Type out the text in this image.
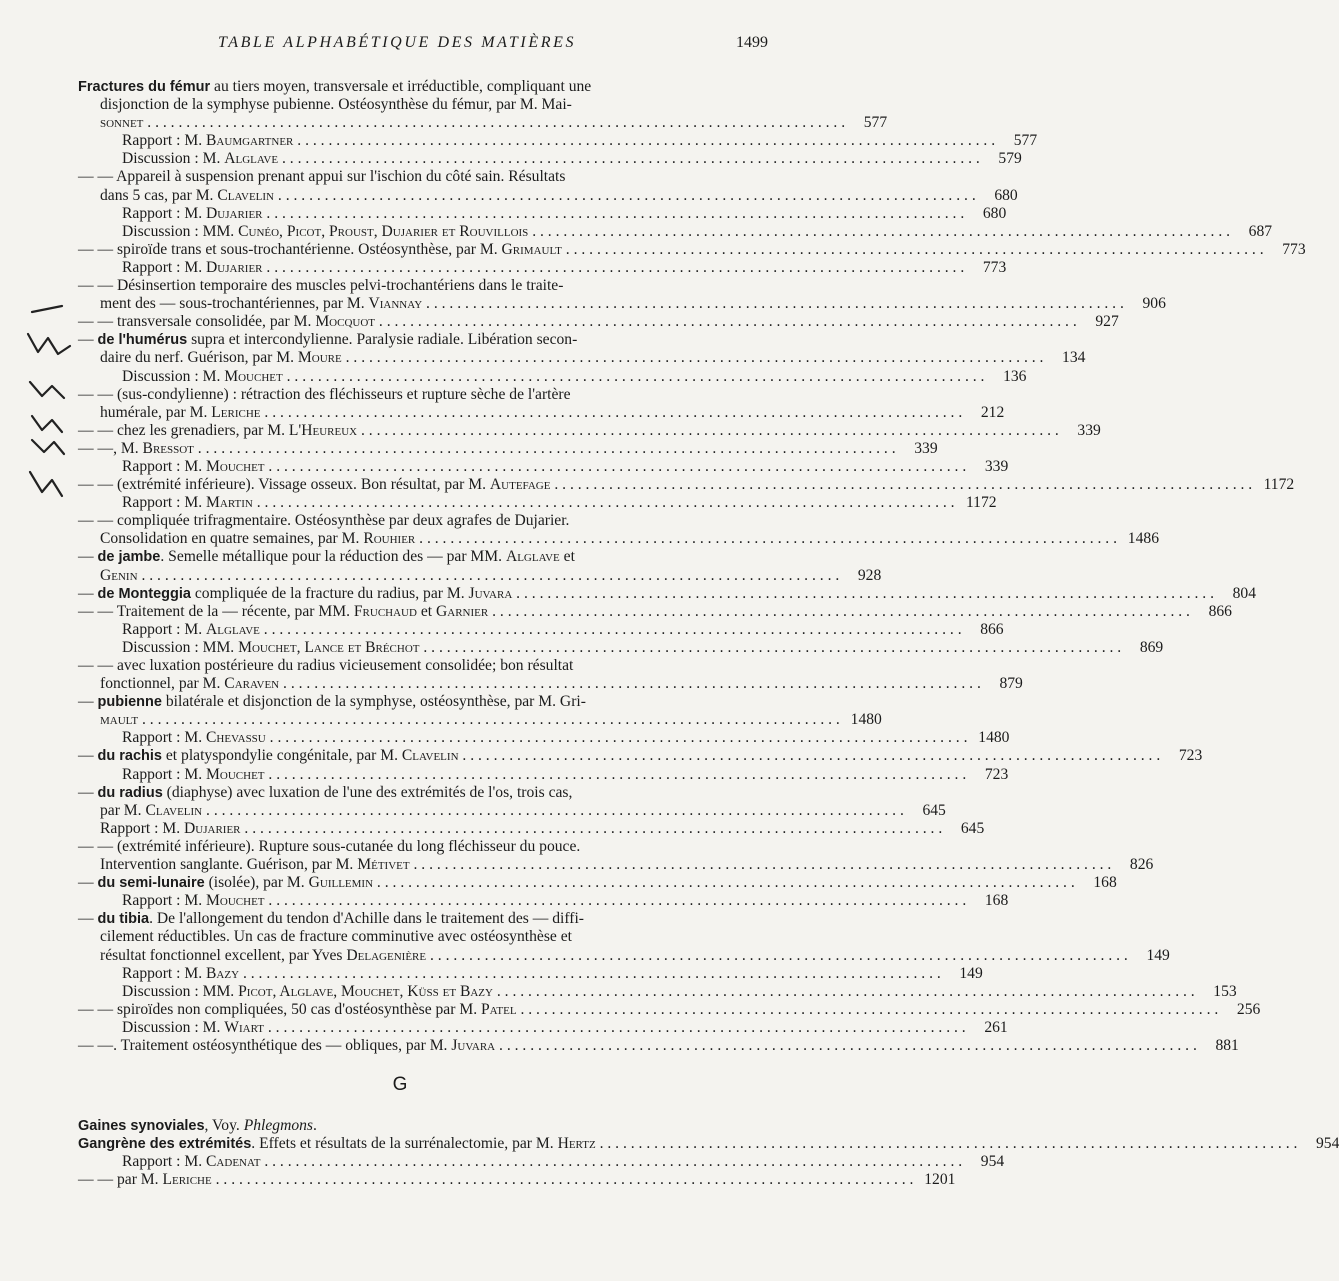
TABLE ALPHABÉTIQUE DES MATIÈRES	1499
Fractures du fémur au tiers moyen, transversale et irréductible, compliquant une
disjonction de la symphyse pubienne. Ostéosynthèse du fémur, par M. Mai-
sonnet . . . . . . . . . . . . . . . . . . . . . . . . . . . . . . . . . . . . . . . . . . . . . . . . . . . . . . . . . . . . . . . . . . . . . . . . . . . . . . . . . . . . . . . . . .	577
Rapport : M. Baumgartner . . . . . . . . . . . . . . . . . . . . . . . . . . . . . . . . . . . . . . . . . . . . . . . . . . . . . . . . . . . . . . . . . . . . . . . . . . . . . . . . . . . . . . . . . .	577
Discussion : M. Alglave . . . . . . . . . . . . . . . . . . . . . . . . . . . . . . . . . . . . . . . . . . . . . . . . . . . . . . . . . . . . . . . . . . . . . . . . . . . . . . . . . . . . . . . . . .	579
— — Appareil à suspension prenant appui sur l'ischion du côté sain. Résultats
dans 5 cas, par M. Clavelin . . . . . . . . . . . . . . . . . . . . . . . . . . . . . . . . . . . . . . . . . . . . . . . . . . . . . . . . . . . . . . . . . . . . . . . . . . . . . . . . . . . . . . . . . .	680
Rapport : M. Dujarier . . . . . . . . . . . . . . . . . . . . . . . . . . . . . . . . . . . . . . . . . . . . . . . . . . . . . . . . . . . . . . . . . . . . . . . . . . . . . . . . . . . . . . . . . .	680
Discussion : MM. Cunéo, Picot, Proust, Dujarier et Rouvillois . . . . . . . . . . . . . . . . . . . . . . . . . . . . . . . . . . . . . . . . . . . . . . . . . . . . . . . . . . . . . . . . . . . . . . . . . . . . . . . . . . . . . . . . . .	687
— — spiroïde trans et sous-trochantérienne. Ostéosynthèse, par M. Grimault . . . . . . . . . . . . . . . . . . . . . . . . . . . . . . . . . . . . . . . . . . . . . . . . . . . . . . . . . . . . . . . . . . . . . . . . . . . . . . . . . . . . . . . . . .	773
Rapport : M. Dujarier . . . . . . . . . . . . . . . . . . . . . . . . . . . . . . . . . . . . . . . . . . . . . . . . . . . . . . . . . . . . . . . . . . . . . . . . . . . . . . . . . . . . . . . . . .	773
— — Désinsertion temporaire des muscles pelvi-trochantériens dans le traite-
ment des — sous-trochantériennes, par M. Viannay . . . . . . . . . . . . . . . . . . . . . . . . . . . . . . . . . . . . . . . . . . . . . . . . . . . . . . . . . . . . . . . . . . . . . . . . . . . . . . . . . . . . . . . . . .	906
— — transversale consolidée, par M. Mocquot . . . . . . . . . . . . . . . . . . . . . . . . . . . . . . . . . . . . . . . . . . . . . . . . . . . . . . . . . . . . . . . . . . . . . . . . . . . . . . . . . . . . . . . . . .	927
— de l'humérus supra et intercondylienne. Paralysie radiale. Libération secon-
daire du nerf. Guérison, par M. Moure . . . . . . . . . . . . . . . . . . . . . . . . . . . . . . . . . . . . . . . . . . . . . . . . . . . . . . . . . . . . . . . . . . . . . . . . . . . . . . . . . . . . . . . . . .	134
Discussion : M. Mouchet . . . . . . . . . . . . . . . . . . . . . . . . . . . . . . . . . . . . . . . . . . . . . . . . . . . . . . . . . . . . . . . . . . . . . . . . . . . . . . . . . . . . . . . . . .	136
— — (sus-condylienne) : rétraction des fléchisseurs et rupture sèche de l'artère
humérale, par M. Leriche . . . . . . . . . . . . . . . . . . . . . . . . . . . . . . . . . . . . . . . . . . . . . . . . . . . . . . . . . . . . . . . . . . . . . . . . . . . . . . . . . . . . . . . . . .	212
— — chez les grenadiers, par M. L'Heureux . . . . . . . . . . . . . . . . . . . . . . . . . . . . . . . . . . . . . . . . . . . . . . . . . . . . . . . . . . . . . . . . . . . . . . . . . . . . . . . . . . . . . . . . . .	339
— —, M. Bressot . . . . . . . . . . . . . . . . . . . . . . . . . . . . . . . . . . . . . . . . . . . . . . . . . . . . . . . . . . . . . . . . . . . . . . . . . . . . . . . . . . . . . . . . . .	339
Rapport : M. Mouchet . . . . . . . . . . . . . . . . . . . . . . . . . . . . . . . . . . . . . . . . . . . . . . . . . . . . . . . . . . . . . . . . . . . . . . . . . . . . . . . . . . . . . . . . . .	339
— — (extrémité inférieure). Vissage osseux. Bon résultat, par M. Autefage . . . . . . . . . . . . . . . . . . . . . . . . . . . . . . . . . . . . . . . . . . . . . . . . . . . . . . . . . . . . . . . . . . . . . . . . . . . . . . . . . . . . . . . . . . 1172
Rapport : M. Martin . . . . . . . . . . . . . . . . . . . . . . . . . . . . . . . . . . . . . . . . . . . . . . . . . . . . . . . . . . . . . . . . . . . . . . . . . . . . . . . . . . . . . . . . . . 1172
— — compliquée trifragmentaire. Ostéosynthèse par deux agrafes de Dujarier.
Consolidation en quatre semaines, par M. Rouhier . . . . . . . . . . . . . . . . . . . . . . . . . . . . . . . . . . . . . . . . . . . . . . . . . . . . . . . . . . . . . . . . . . . . . . . . . . . . . . . . . . . . . . . . . . 1486
— de jambe. Semelle métallique pour la réduction des — par MM. Alglave et
Genin . . . . . . . . . . . . . . . . . . . . . . . . . . . . . . . . . . . . . . . . . . . . . . . . . . . . . . . . . . . . . . . . . . . . . . . . . . . . . . . . . . . . . . . . . .	928
— de Monteggia compliquée de la fracture du radius, par M. Juvara . . . . . . . . . . . . . . . . . . . . . . . . . . . . . . . . . . . . . . . . . . . . . . . . . . . . . . . . . . . . . . . . . . . . . . . . . . . . . . . . . . . . . . . . . .	804
— — Traitement de la — récente, par MM. Fruchaud et Garnier . . . . . . . . . . . . . . . . . . . . . . . . . . . . . . . . . . . . . . . . . . . . . . . . . . . . . . . . . . . . . . . . . . . . . . . . . . . . . . . . . . . . . . . . . .	866
Rapport : M. Alglave . . . . . . . . . . . . . . . . . . . . . . . . . . . . . . . . . . . . . . . . . . . . . . . . . . . . . . . . . . . . . . . . . . . . . . . . . . . . . . . . . . . . . . . . . .	866
Discussion : MM. Mouchet, Lance et Bréchot . . . . . . . . . . . . . . . . . . . . . . . . . . . . . . . . . . . . . . . . . . . . . . . . . . . . . . . . . . . . . . . . . . . . . . . . . . . . . . . . . . . . . . . . . .	869
— — avec luxation postérieure du radius vicieusement consolidée; bon résultat
fonctionnel, par M. Caraven . . . . . . . . . . . . . . . . . . . . . . . . . . . . . . . . . . . . . . . . . . . . . . . . . . . . . . . . . . . . . . . . . . . . . . . . . . . . . . . . . . . . . . . . . .	879
— pubienne bilatérale et disjonction de la symphyse, ostéosynthèse, par M. Gri-
mault . . . . . . . . . . . . . . . . . . . . . . . . . . . . . . . . . . . . . . . . . . . . . . . . . . . . . . . . . . . . . . . . . . . . . . . . . . . . . . . . . . . . . . . . . . 1480
Rapport : M. Chevassu . . . . . . . . . . . . . . . . . . . . . . . . . . . . . . . . . . . . . . . . . . . . . . . . . . . . . . . . . . . . . . . . . . . . . . . . . . . . . . . . . . . . . . . . . . 1480
— du rachis et platyspondylie congénitale, par M. Clavelin . . . . . . . . . . . . . . . . . . . . . . . . . . . . . . . . . . . . . . . . . . . . . . . . . . . . . . . . . . . . . . . . . . . . . . . . . . . . . . . . . . . . . . . . . .	723
Rapport : M. Mouchet . . . . . . . . . . . . . . . . . . . . . . . . . . . . . . . . . . . . . . . . . . . . . . . . . . . . . . . . . . . . . . . . . . . . . . . . . . . . . . . . . . . . . . . . . .	723
— du radius (diaphyse) avec luxation de l'une des extrémités de l'os, trois cas,
par M. Clavelin . . . . . . . . . . . . . . . . . . . . . . . . . . . . . . . . . . . . . . . . . . . . . . . . . . . . . . . . . . . . . . . . . . . . . . . . . . . . . . . . . . . . . . . . . .	645
Rapport : M. Dujarier . . . . . . . . . . . . . . . . . . . . . . . . . . . . . . . . . . . . . . . . . . . . . . . . . . . . . . . . . . . . . . . . . . . . . . . . . . . . . . . . . . . . . . . . . .	645
— — (extrémité inférieure). Rupture sous-cutanée du long fléchisseur du pouce.
Intervention sanglante. Guérison, par M. Métivet . . . . . . . . . . . . . . . . . . . . . . . . . . . . . . . . . . . . . . . . . . . . . . . . . . . . . . . . . . . . . . . . . . . . . . . . . . . . . . . . . . . . . . . . . .	826
— du semi-lunaire (isolée), par M. Guillemin . . . . . . . . . . . . . . . . . . . . . . . . . . . . . . . . . . . . . . . . . . . . . . . . . . . . . . . . . . . . . . . . . . . . . . . . . . . . . . . . . . . . . . . . . .	168
Rapport : M. Mouchet . . . . . . . . . . . . . . . . . . . . . . . . . . . . . . . . . . . . . . . . . . . . . . . . . . . . . . . . . . . . . . . . . . . . . . . . . . . . . . . . . . . . . . . . . .	168
— du tibia. De l'allongement du tendon d'Achille dans le traitement des — diffi-
cilement réductibles. Un cas de fracture comminutive avec ostéosynthèse et
résultat fonctionnel excellent, par Yves Delagenière . . . . . . . . . . . . . . . . . . . . . . . . . . . . . . . . . . . . . . . . . . . . . . . . . . . . . . . . . . . . . . . . . . . . . . . . . . . . . . . . . . . . . . . . . .	149
Rapport : M. Bazy . . . . . . . . . . . . . . . . . . . . . . . . . . . . . . . . . . . . . . . . . . . . . . . . . . . . . . . . . . . . . . . . . . . . . . . . . . . . . . . . . . . . . . . . . .	149
Discussion : MM. Picot, Alglave, Mouchet, Küss et Bazy . . . . . . . . . . . . . . . . . . . . . . . . . . . . . . . . . . . . . . . . . . . . . . . . . . . . . . . . . . . . . . . . . . . . . . . . . . . . . . . . . . . . . . . . . .	153
— — spiroïdes non compliquées, 50 cas d'ostéosynthèse par M. Patel . . . . . . . . . . . . . . . . . . . . . . . . . . . . . . . . . . . . . . . . . . . . . . . . . . . . . . . . . . . . . . . . . . . . . . . . . . . . . . . . . . . . . . . . . .	256
Discussion : M. Wiart . . . . . . . . . . . . . . . . . . . . . . . . . . . . . . . . . . . . . . . . . . . . . . . . . . . . . . . . . . . . . . . . . . . . . . . . . . . . . . . . . . . . . . . . . .	261
— —. Traitement ostéosynthétique des — obliques, par M. Juvara . . . . . . . . . . . . . . . . . . . . . . . . . . . . . . . . . . . . . . . . . . . . . . . . . . . . . . . . . . . . . . . . . . . . . . . . . . . . . . . . . . . . . . . . . .	881
G
Gaines synoviales, Voy. Phlegmons.
Gangrène des extrémités. Effets et résultats de la surrénalectomie, par M. Hertz . . . . . . . . . . . . . . . . . . . . . . . . . . . . . . . . . . . . . . . . . . . . . . . . . . . . . . . . . . . . . . . . . . . . . . . . . . . . . . . . . . . . . . . . . .	954
Rapport : M. Cadenat . . . . . . . . . . . . . . . . . . . . . . . . . . . . . . . . . . . . . . . . . . . . . . . . . . . . . . . . . . . . . . . . . . . . . . . . . . . . . . . . . . . . . . . . . .	954
— — par M. Leriche . . . . . . . . . . . . . . . . . . . . . . . . . . . . . . . . . . . . . . . . . . . . . . . . . . . . . . . . . . . . . . . . . . . . . . . . . . . . . . . . . . . . . . . . . . 1201
